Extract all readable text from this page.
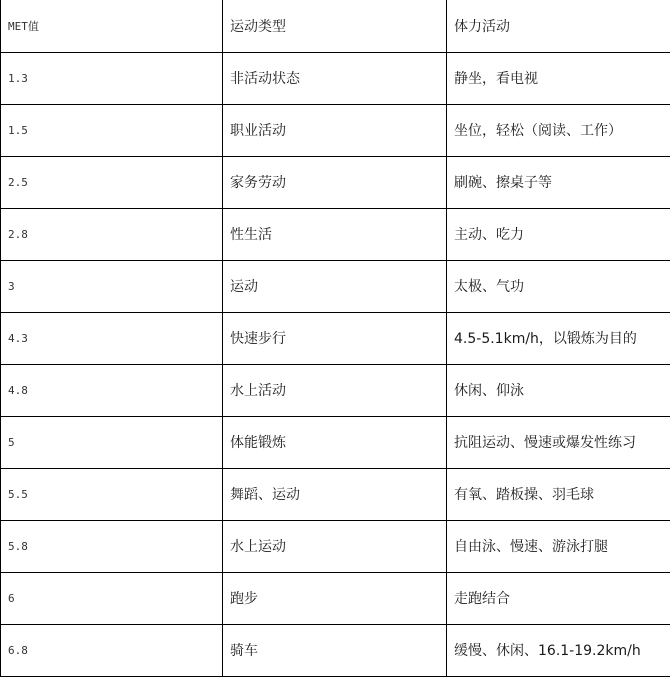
MET值	运动类型	体力活动
1.3	非活动状态	静坐，看电视
1.5	职业活动	坐位，轻松（阅读、工作）
2.5	家务劳动	刷碗、擦桌子等
2.8	性生活	主动、吃力
3	运动	太极、气功
4.3	快速步行	4.5-5.1km/h，以锻炼为目的
4.8	水上活动	休闲、仰泳
5	体能锻炼	抗阻运动、慢速或爆发性练习
5.5	舞蹈、运动	有氧、踏板操、羽毛球
5.8	水上运动	自由泳、慢速、游泳打腿
6	跑步	走跑结合
6.8	骑车	缓慢、休闲、16.1-19.2km/h
